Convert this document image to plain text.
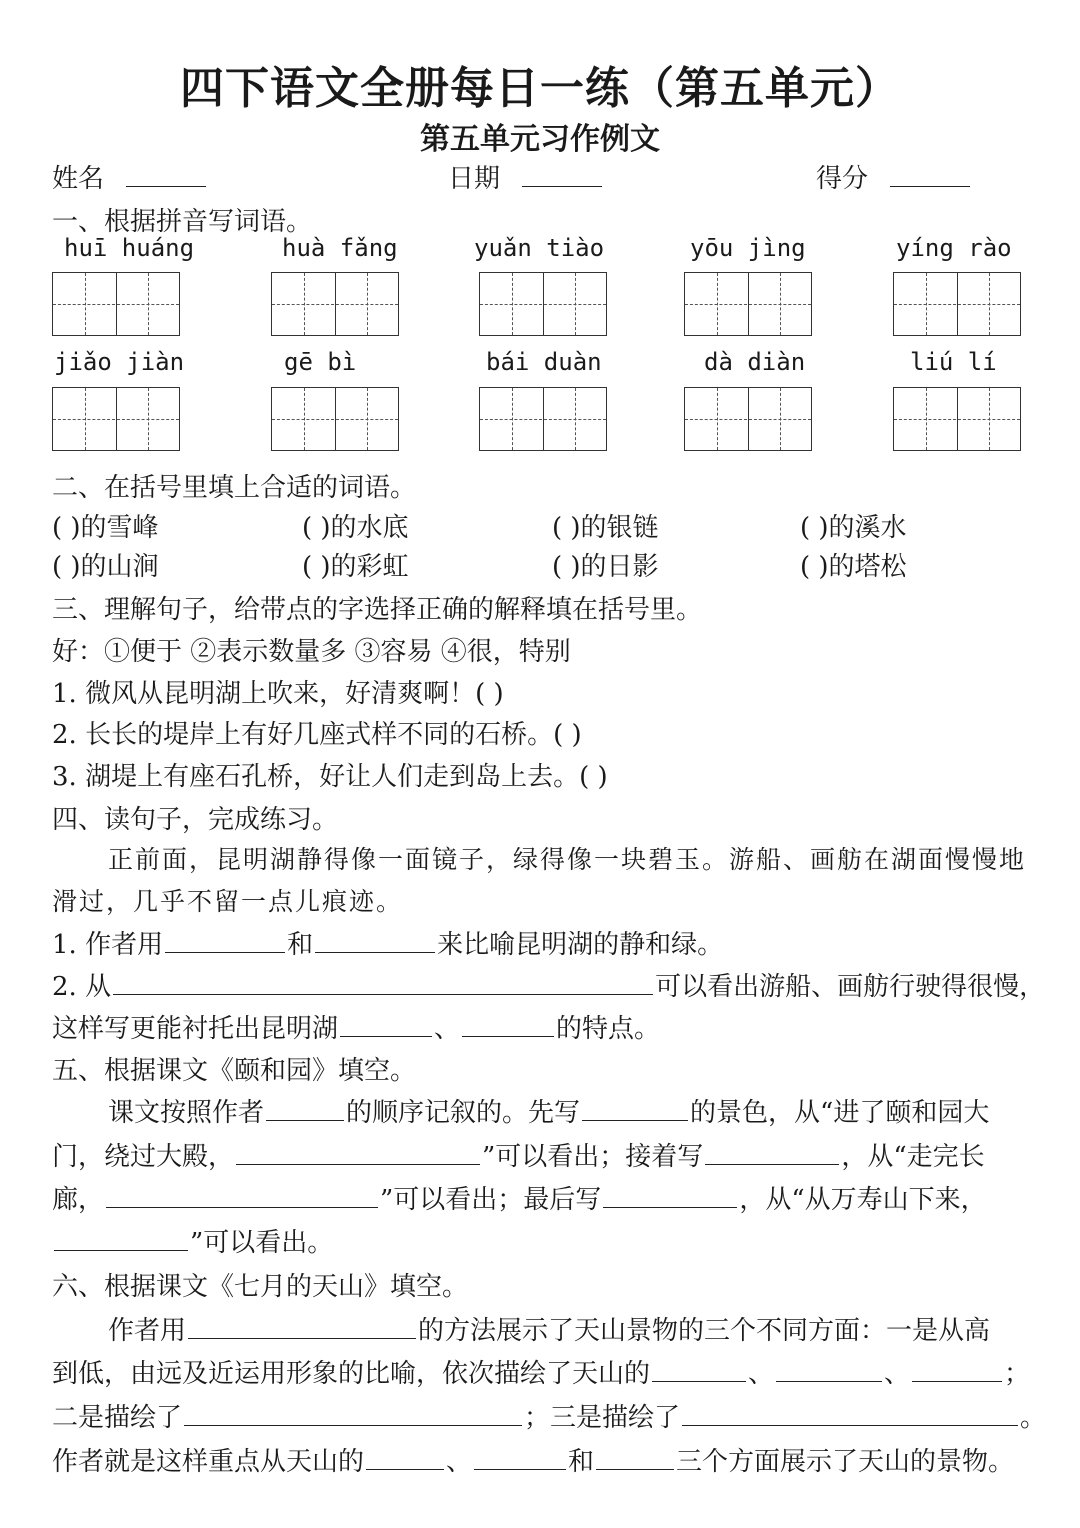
四下语文全册每日一练（第五单元）
第五单元习作例文
姓名	日期	得分
一、根据拼音写词语。
huī huáng	huà fǎng	yuǎn tiào	yōu jìng	yíng rào
jiǎo jiàn	gē bì	bái duàn	dà diàn	liú lí
二、在括号里填上合适的词语。
( )的雪峰	( )的水底	( )的银链	( )的溪水
( )的山涧	( )的彩虹	( )的日影	( )的塔松
三、理解句子，给带点的字选择正确的解释填在括号里。
好：①便于 ②表示数量多 ③容易 ④很，特别
1. 微风从昆明湖上吹来，好清爽啊！( )
2. 长长的堤岸上有好几座式样不同的石桥。( )
3. 湖堤上有座石孔桥，好让人们走到岛上去。( )
四、读句子，完成练习。
正前面，昆明湖静得像一面镜子，绿得像一块碧玉。游船、画舫在湖面慢慢地
滑过，几乎不留一点儿痕迹。
1. 作者用	和	来比喻昆明湖的静和绿。
2. 从	可以看出游船、画舫行驶得很慢，
这样写更能衬托出昆明湖	、	的特点。
五、根据课文《颐和园》填空。
课文按照作者	的顺序记叙的。先写	的景色，从“进了颐和园大
门，绕过大殿，	”可以看出；接着写	，从“走完长
廊，	”可以看出；最后写	，从“从万寿山下来，
”可以看出。
六、根据课文《七月的天山》填空。
作者用	的方法展示了天山景物的三个不同方面：一是从高
到低，由远及近运用形象的比喻，依次描绘了天山的	、	、	；
二是描绘了	；三是描绘了	。
作者就是这样重点从天山的	、	和	三个方面展示了天山的景物。
